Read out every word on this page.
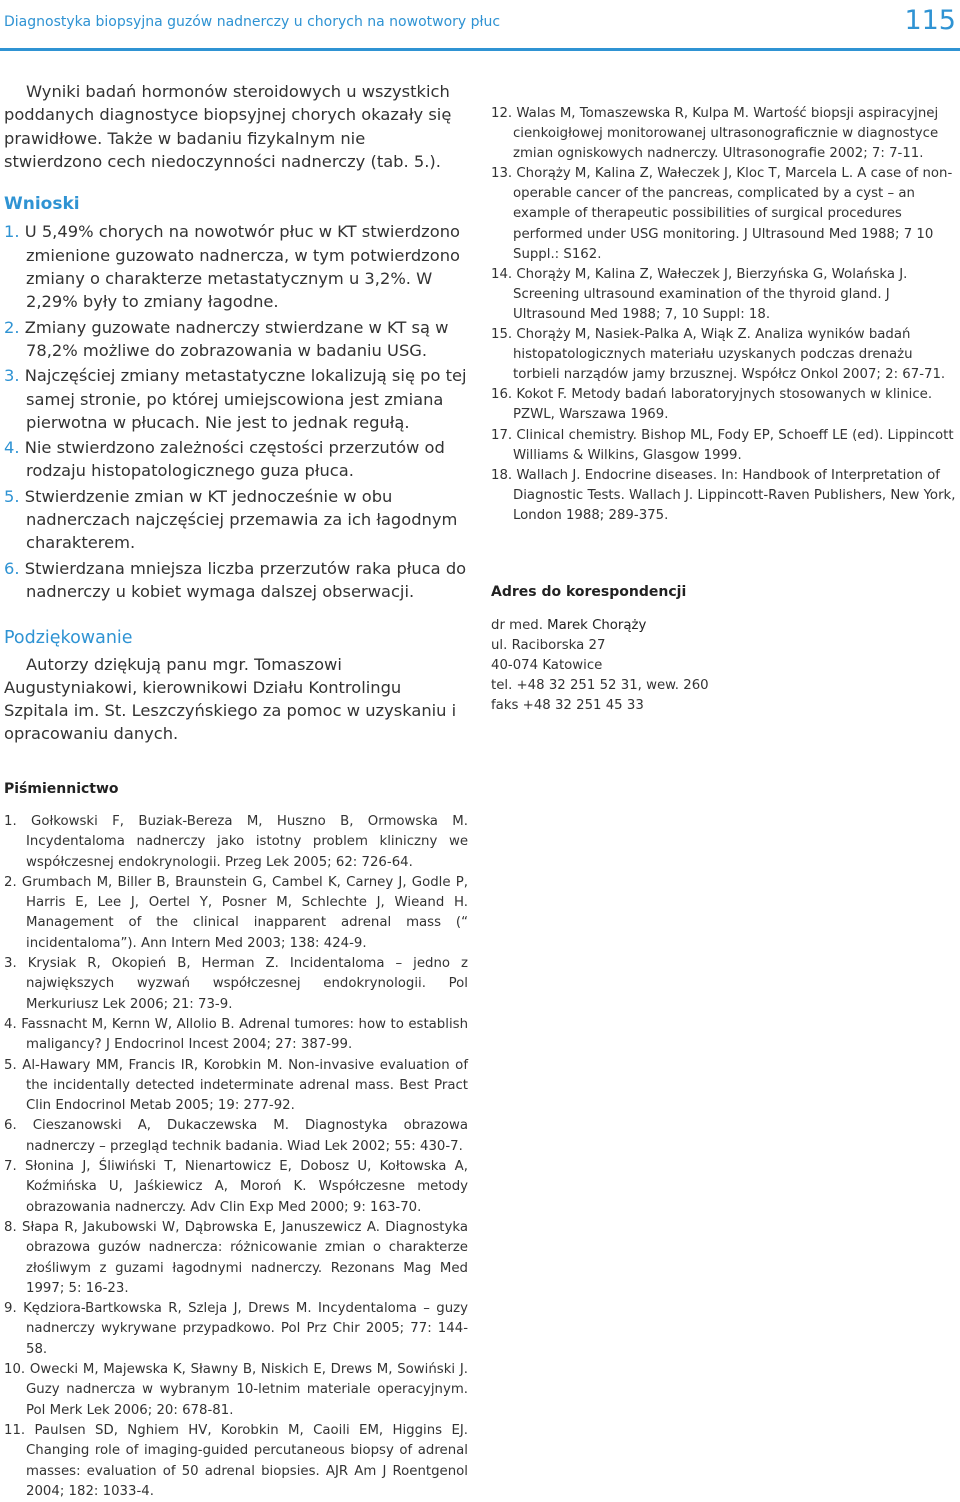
Diagnostyka biopsyjna guzów nadnerczy u chorych na nowotwory płuc	115

Wyniki badań hormonów steroidowych u wszystkich poddanych diagnostyce biopsyjnej chorych okazały się prawidłowe. Także w badaniu fizykalnym nie stwierdzono cech niedoczynności nadnerczy (tab. 5.).

Wnioski
1. U 5,49% chorych na nowotwór płuc w KT stwierdzono zmienione guzowato nadnercza, w tym potwierdzono zmiany o charakterze metastatycznym u 3,2%. W 2,29% były to zmiany łagodne.
2. Zmiany guzowate nadnerczy stwierdzane w KT są w 78,2% możliwe do zobrazowania w badaniu USG.
3. Najczęściej zmiany metastatyczne lokalizują się po tej samej stronie, po której umiejscowiona jest zmiana pierwotna w płucach. Nie jest to jednak regułą.
4. Nie stwierdzono zależności częstości przerzutów od rodzaju histopatologicznego guza płuca.
5. Stwierdzenie zmian w KT jednocześnie w obu nadnerczach najczęściej przemawia za ich łagodnym charakterem.
6. Stwierdzana mniejsza liczba przerzutów raka płuca do nadnerczy u kobiet wymaga dalszej obserwacji.
Podziękowanie

Autorzy dziękują panu mgr. Tomaszowi Augustyniakowi, kierownikowi Działu Kontrolingu Szpitala im. St. Leszczyńskiego za pomoc w uzyskaniu i opracowaniu danych.

12. Walas M, Tomaszewska R, Kulpa M. Wartość biopsji aspiracyjnej cienkoigłowej monitorowanej ultrasonograficznie w diagnostyce zmian ogniskowych nadnerczy. Ultrasonografie 2002; 7: 7-11.
13. Chorąży M, Kalina Z, Wałeczek J, Kloc T, Marcela L. A case of non-operable cancer of the pancreas, complicated by a cyst – an example of therapeutic possibilities of surgical procedures performed under USG monitoring. J Ultrasound Med 1988; 7 10 Suppl.: S162.
14. Chorąży M, Kalina Z, Wałeczek J, Bierzyńska G, Wolańska J. Screening ultrasound examination of the thyroid gland. J Ultrasound Med 1988; 7, 10 Suppl: 18.
15. Chorąży M, Nasiek-Palka A, Wiąk Z. Analiza wyników badań histopatologicznych materiału uzyskanych podczas drenażu torbieli narządów jamy brzusznej. Współcz Onkol 2007; 2: 67-71.
16. Kokot F. Metody badań laboratoryjnych stosowanych w klinice. PZWL, Warszawa 1969.
17. Clinical chemistry. Bishop ML, Fody EP, Schoeff LE (ed). Lippincott Williams & Wilkins, Glasgow 1999.
18. Wallach J. Endocrine diseases. In: Handbook of Interpretation of Diagnostic Tests. Wallach J. Lippincott-Raven Publishers, New York, London 1988; 289-375.
Adres do korespondencji

dr med. Marek Chorąży

ul. Raciborska 27

40-074 Katowice

tel. +48 32 251 52 31, wew. 260

faks +48 32 251 45 33

Piśmiennictwo
1. Gołkowski F, Buziak-Bereza M, Huszno B, Ormowska M. Incydentaloma nadnerczy jako istotny problem kliniczny we współczesnej endokrynologii. Przeg Lek 2005; 62: 726-64.
2. Grumbach M, Biller B, Braunstein G, Cambel K, Carney J, Godle P, Harris E, Lee J, Oertel Y, Posner M, Schlechte J, Wieand H. Management of the clinical inapparent adrenal mass (“ incidentaloma”). Ann Intern Med 2003; 138: 424-9.
3. Krysiak R, Okopień B, Herman Z. Incidentaloma – jedno z największych wyzwań współczesnej endokrynologii. Pol Merkuriusz Lek 2006; 21: 73-9.
4. Fassnacht M, Kernn W, Allolio B. Adrenal tumores: how to establish maligancy? J Endocrinol Incest 2004; 27: 387-99.
5. Al-Hawary MM, Francis IR, Korobkin M. Non-invasive evaluation of the incidentally detected indeterminate adrenal mass. Best Pract Clin Endocrinol Metab 2005; 19: 277-92.
6. Cieszanowski A, Dukaczewska M. Diagnostyka obrazowa nadnerczy – przegląd technik badania. Wiad Lek 2002; 55: 430-7.
7. Słonina J, Śliwiński T, Nienartowicz E, Dobosz U, Kołtowska A, Koźmińska U, Jaśkiewicz A, Moroń K. Współczesne metody obrazowania nadnerczy. Adv Clin Exp Med 2000; 9: 163-70.
8. Słapa R, Jakubowski W, Dąbrowska E, Januszewicz A. Diagnostyka obrazowa guzów nadnercza: różnicowanie zmian o charakterze złośliwym z guzami łagodnymi nadnerczy. Rezonans Mag Med 1997; 5: 16-23.
9. Kędziora-Bartkowska R, Szleja J, Drews M. Incydentaloma – guzy nadnerczy wykrywane przypadkowo. Pol Prz Chir 2005; 77: 144-58.
10. Owecki M, Majewska K, Sławny B, Niskich E, Drews M, Sowiński J. Guzy nadnercza w wybranym 10-letnim materiale operacyjnym. Pol Merk Lek 2006; 20: 678-81.
11. Paulsen SD, Nghiem HV, Korobkin M, Caoili EM, Higgins EJ. Changing role of imaging-guided percutaneous biopsy of adrenal masses: evaluation of 50 adrenal biopsies. AJR Am J Roentgenol 2004; 182: 1033-4.
